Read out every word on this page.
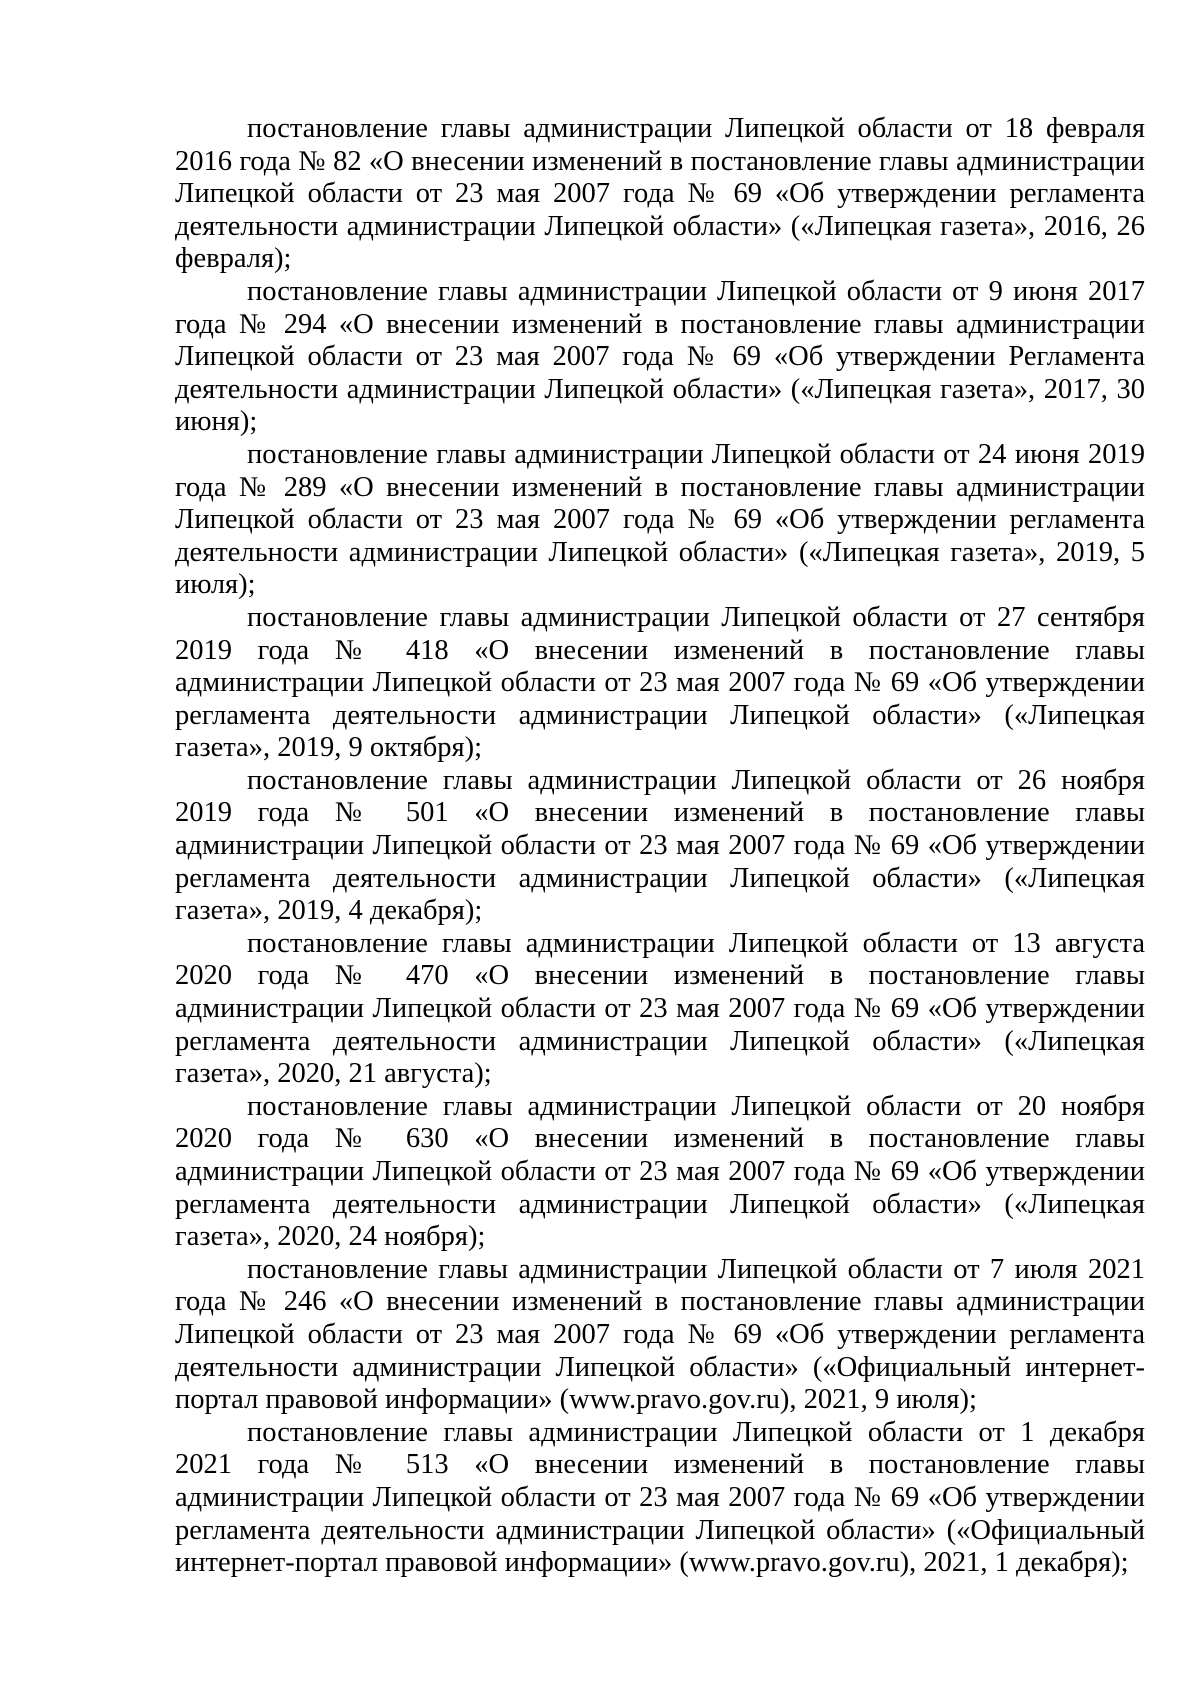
постановление главы администрации Липецкой области от 18 февраля 2016 года № 82 «О внесении изменений в постановление главы администрации Липецкой области от 23 мая 2007 года № 69 «Об утверждении регламента деятельности администрации Липецкой области» («Липецкая газета», 2016, 26 февраля);

постановление главы администрации Липецкой области от 9 июня 2017 года № 294 «О внесении изменений в постановление главы администрации Липецкой области от 23 мая 2007 года № 69 «Об утверждении Регламента деятельности администрации Липецкой области» («Липецкая газета», 2017, 30 июня);

постановление главы администрации Липецкой области от 24 июня 2019 года № 289 «О внесении изменений в постановление главы администрации Липецкой области от 23 мая 2007 года № 69 «Об утверждении регламента деятельности администрации Липецкой области» («Липецкая газета», 2019, 5 июля);

постановление главы администрации Липецкой области от 27 сентября 2019 года № 418 «О внесении изменений в постановление главы администрации Липецкой области от 23 мая 2007 года № 69 «Об утверждении регламента деятельности администрации Липецкой области» («Липецкая газета», 2019, 9 октября);

постановление главы администрации Липецкой области от 26 ноября 2019 года № 501 «О внесении изменений в постановление главы администрации Липецкой области от 23 мая 2007 года № 69 «Об утверждении регламента деятельности администрации Липецкой области» («Липецкая газета», 2019, 4 декабря);

постановление главы администрации Липецкой области от 13 августа 2020 года № 470 «О внесении изменений в постановление главы администрации Липецкой области от 23 мая 2007 года № 69 «Об утверждении регламента деятельности администрации Липецкой области» («Липецкая газета», 2020, 21 августа);

постановление главы администрации Липецкой области от 20 ноября 2020 года № 630 «О внесении изменений в постановление главы администрации Липецкой области от 23 мая 2007 года № 69 «Об утверждении регламента деятельности администрации Липецкой области» («Липецкая газета», 2020, 24 ноября);

постановление главы администрации Липецкой области от 7 июля 2021 года № 246 «О внесении изменений в постановление главы администрации Липецкой области от 23 мая 2007 года № 69 «Об утверждении регламента деятельности администрации Липецкой области» («Официальный интернет-портал правовой информации» (www.pravo.gov.ru), 2021, 9 июля);

постановление главы администрации Липецкой области от 1 декабря 2021 года № 513 «О внесении изменений в постановление главы администрации Липецкой области от 23 мая 2007 года № 69 «Об утверждении регламента деятельности администрации Липецкой области» («Официальный интернет-портал правовой информации» (www.pravo.gov.ru), 2021, 1 декабря);
